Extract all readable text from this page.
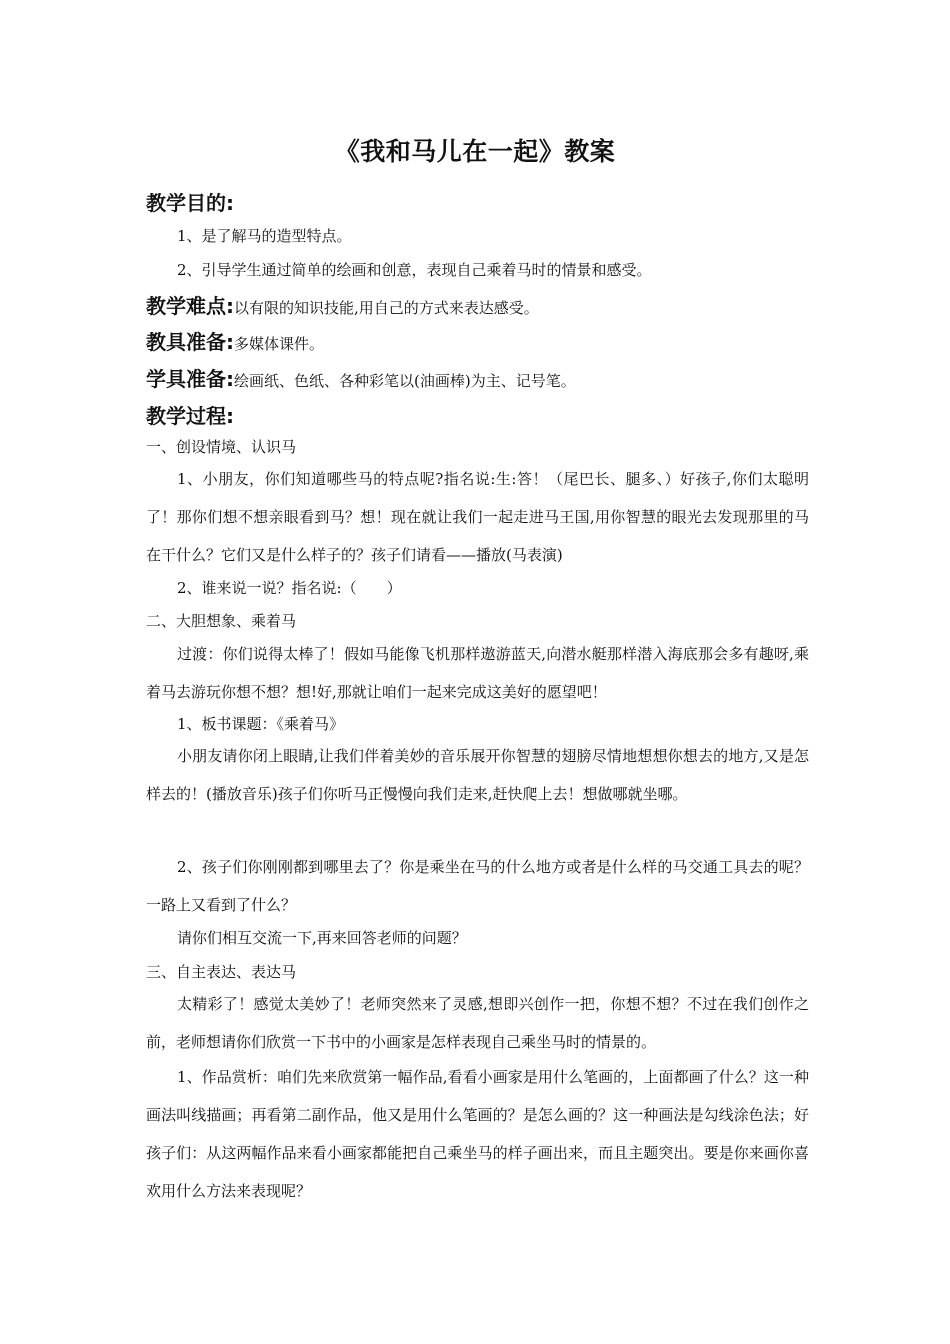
《我和马儿在一起》教案
教学目的:
1、是了解马的造型特点。
2、引导学生通过简单的绘画和创意，表现自己乘着马时的情景和感受。
教学难点:以有限的知识技能,用自己的方式来表达感受。
教具准备:多媒体课件。
学具准备:绘画纸、色纸、各种彩笔以(油画棒)为主、记号笔。
教学过程:
一、创设情境、认识马
1、小朋友，你们知道哪些马的特点呢?指名说:生:答！（尾巴长、腿多、）好孩子,你们太聪明了！那你们想不想亲眼看到马？想！现在就让我们一起走进马王国,用你智慧的眼光去发现那里的马在干什么？它们又是什么样子的？孩子们请看——播放(马表演)
2、谁来说一说？指名说:（　　）
二、大胆想象、乘着马
过渡：你们说得太棒了！假如马能像飞机那样遨游蓝天,向潜水艇那样潜入海底那会多有趣呀,乘着马去游玩你想不想？想!好,那就让咱们一起来完成这美好的愿望吧！
1、板书课题：《乘着马》
小朋友请你闭上眼睛,让我们伴着美妙的音乐展开你智慧的翅膀尽情地想想你想去的地方,又是怎样去的！(播放音乐)孩子们你听马正慢慢向我们走来,赶快爬上去！想做哪就坐哪。
2、孩子们你刚刚都到哪里去了？你是乘坐在马的什么地方或者是什么样的马交通工具去的呢？一路上又看到了什么？
请你们相互交流一下,再来回答老师的问题？
三、自主表达、表达马
太精彩了！感觉太美妙了！老师突然来了灵感,想即兴创作一把，你想不想？不过在我们创作之前，老师想请你们欣赏一下书中的小画家是怎样表现自己乘坐马时的情景的。
1、作品赏析：咱们先来欣赏第一幅作品,看看小画家是用什么笔画的，上面都画了什么？这一种画法叫线描画；再看第二副作品，他又是用什么笔画的？是怎么画的？这一种画法是勾线涂色法；好孩子们：从这两幅作品来看小画家都能把自己乘坐马的样子画出来，而且主题突出。要是你来画你喜欢用什么方法来表现呢？
